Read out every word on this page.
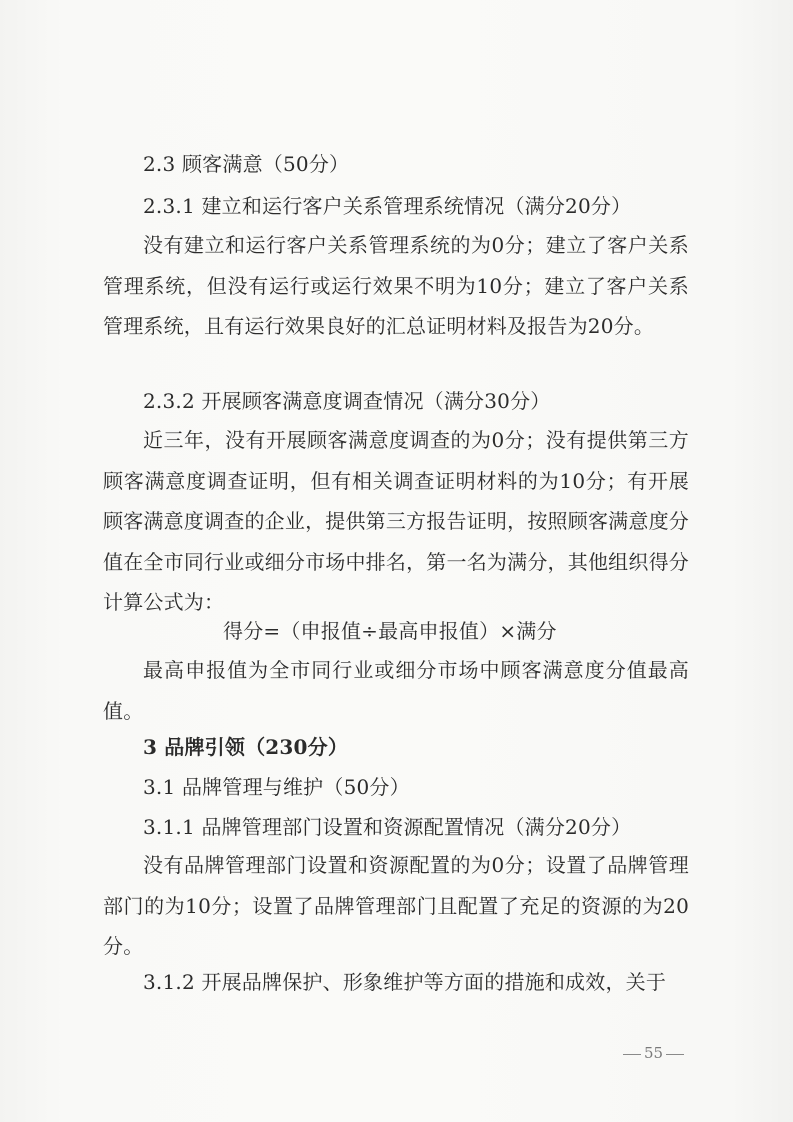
2.3 顾客满意（50分）
2.3.1 建立和运行客户关系管理系统情况（满分20分）
没有建立和运行客户关系管理系统的为0分；建立了客户关系管理系统，但没有运行或运行效果不明为10分；建立了客户关系管理系统，且有运行效果良好的汇总证明材料及报告为20分。
2.3.2 开展顾客满意度调查情况（满分30分）
近三年，没有开展顾客满意度调查的为0分；没有提供第三方顾客满意度调查证明，但有相关调查证明材料的为10分；有开展顾客满意度调查的企业，提供第三方报告证明，按照顾客满意度分值在全市同行业或细分市场中排名，第一名为满分，其他组织得分计算公式为：
得分=（申报值÷最高申报值）×满分
最高申报值为全市同行业或细分市场中顾客满意度分值最高值。
3 品牌引领（230分）
3.1 品牌管理与维护（50分）
3.1.1 品牌管理部门设置和资源配置情况（满分20分）
没有品牌管理部门设置和资源配置的为0分；设置了品牌管理部门的为10分；设置了品牌管理部门且配置了充足的资源的为20分。
3.1.2 开展品牌保护、形象维护等方面的措施和成效，关于
55
